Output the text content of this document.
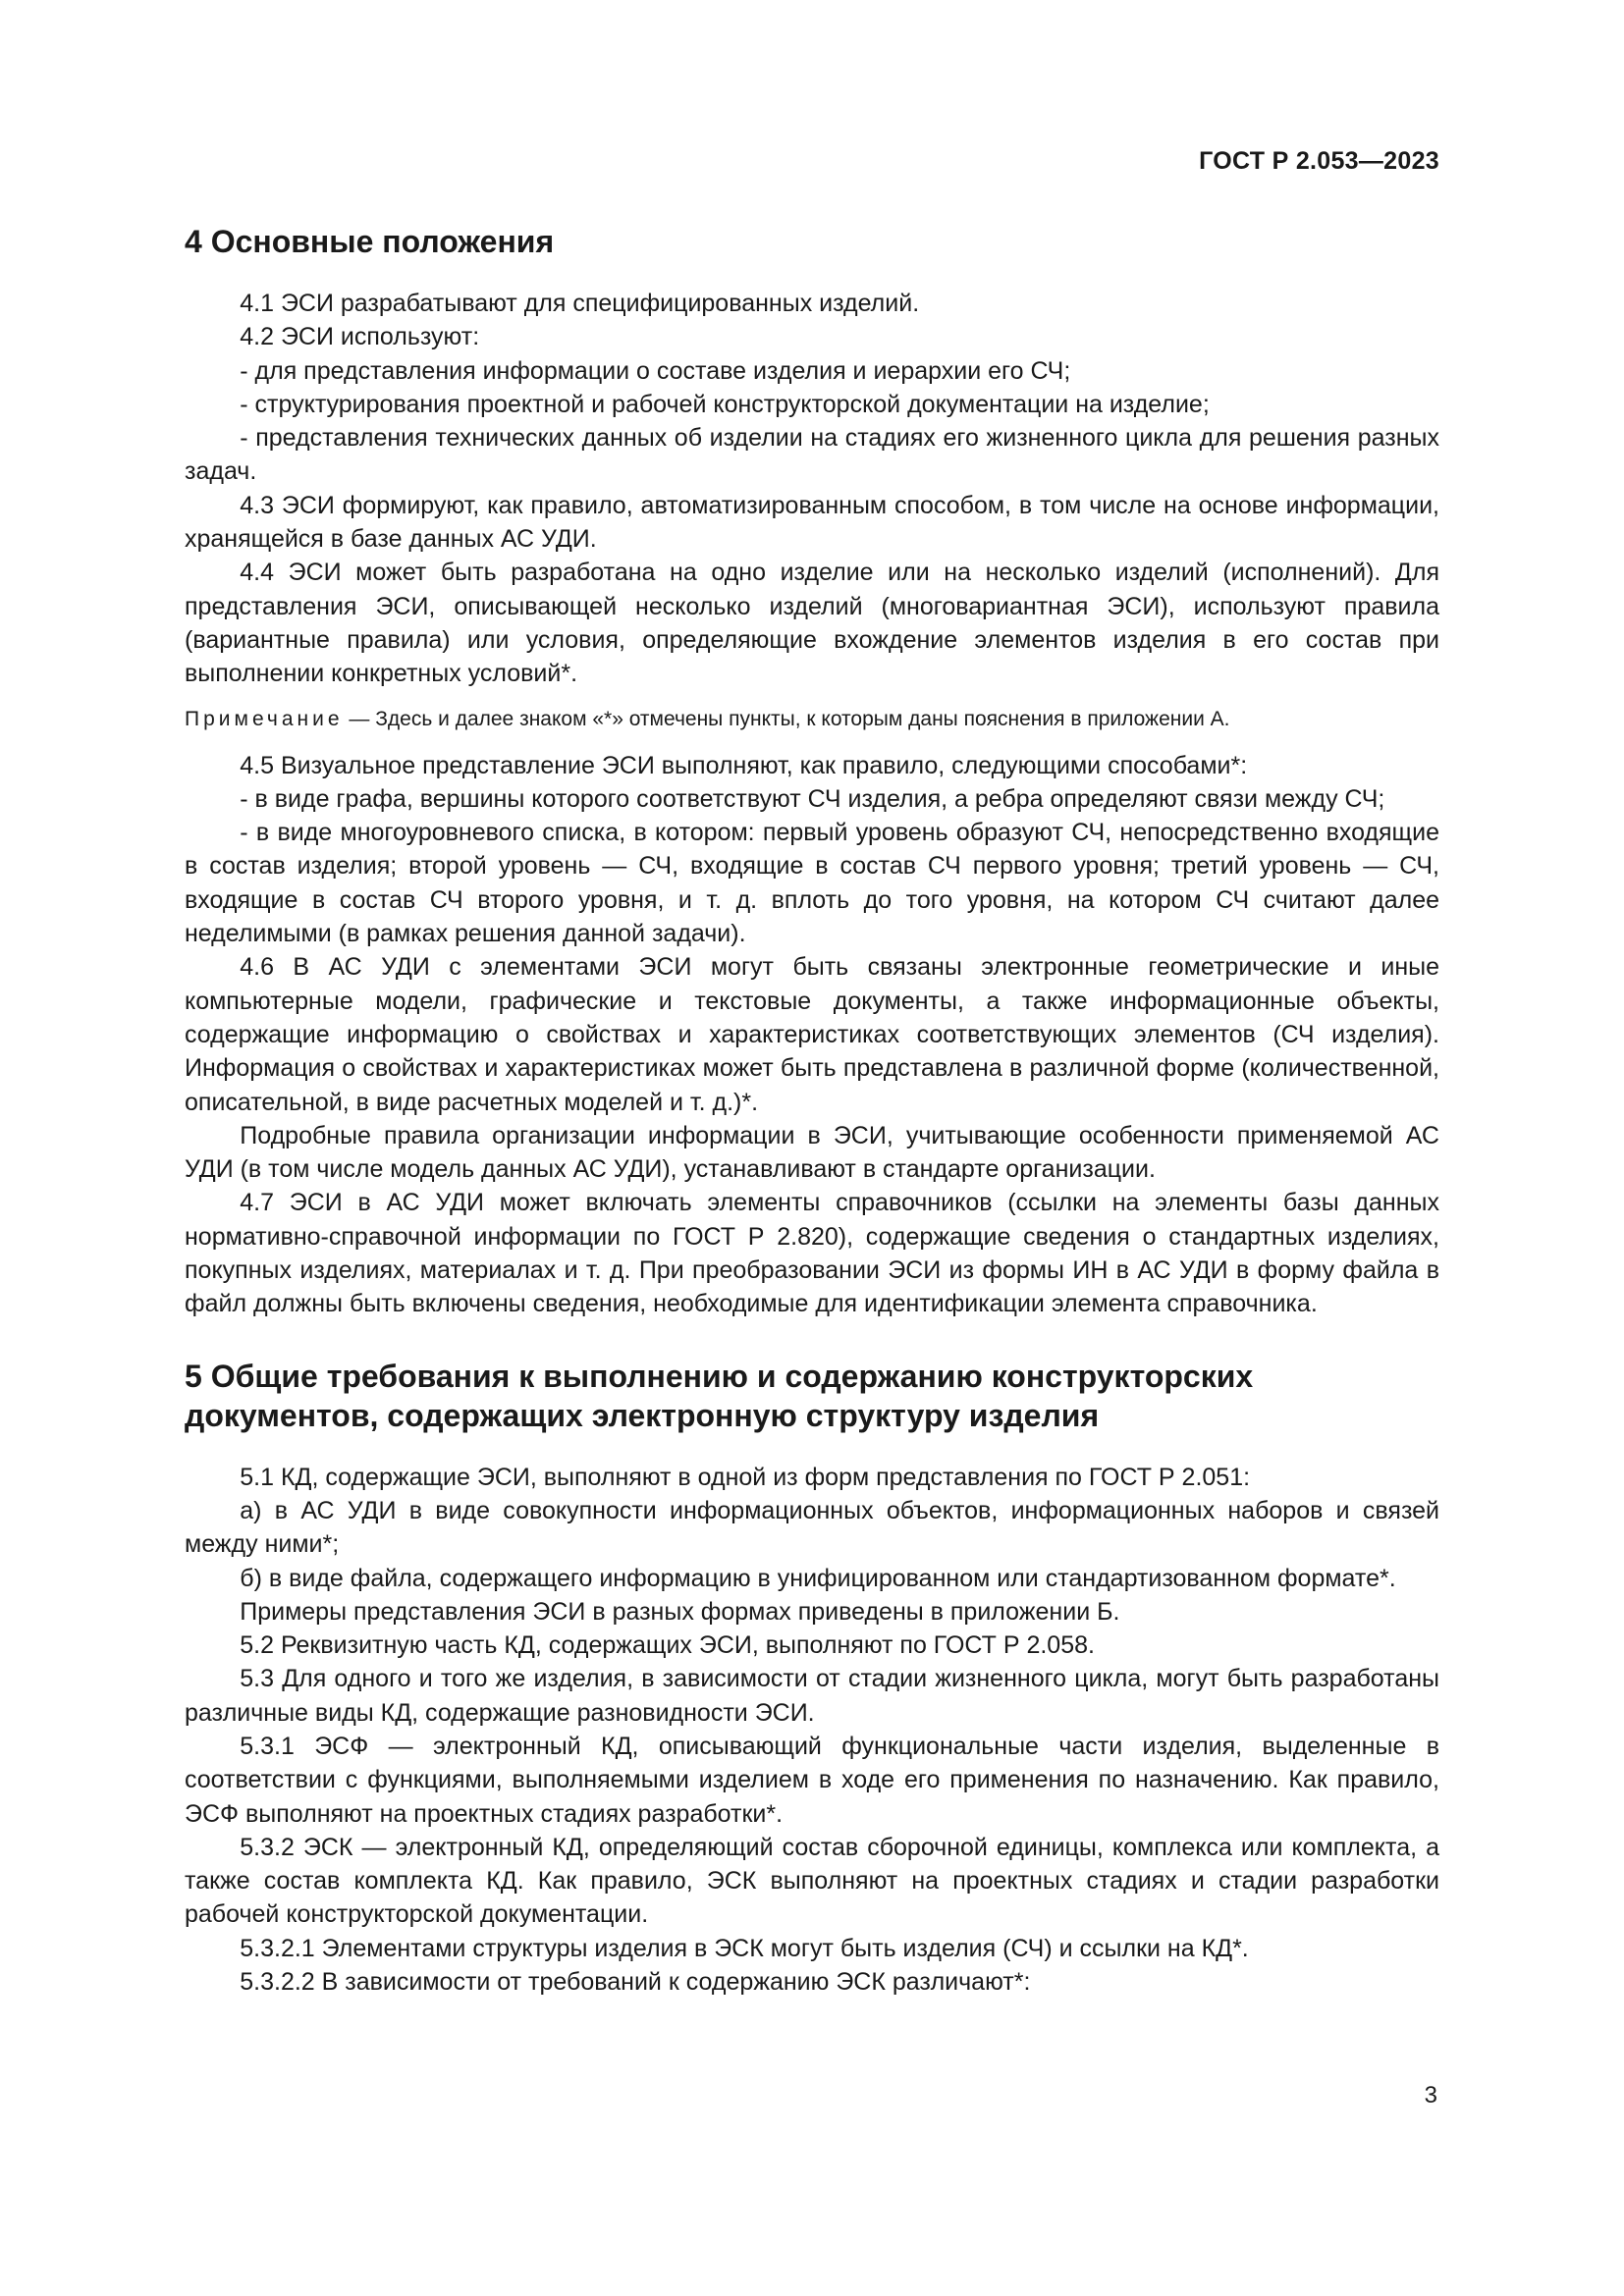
ГОСТ Р 2.053—2023
4 Основные положения

4.1 ЭСИ разрабатывают для специфицированных изделий.

4.2 ЭСИ используют:

- для представления информации о составе изделия и иерархии его СЧ;

- структурирования проектной и рабочей конструкторской документации на изделие;

- представления технических данных об изделии на стадиях его жизненного цикла для решения разных задач.

4.3 ЭСИ формируют, как правило, автоматизированным способом, в том числе на основе информации, хранящейся в базе данных АС УДИ.

4.4 ЭСИ может быть разработана на одно изделие или на несколько изделий (исполнений). Для представления ЭСИ, описывающей несколько изделий (многовариантная ЭСИ), используют правила (вариантные правила) или условия, определяющие вхождение элементов изделия в его состав при выполнении конкретных условий*.

Примечание — Здесь и далее знаком «*» отмечены пункты, к которым даны пояснения в приложении А.

4.5 Визуальное представление ЭСИ выполняют, как правило, следующими способами*:

- в виде графа, вершины которого соответствуют СЧ изделия, а ребра определяют связи между СЧ;

- в виде многоуровневого списка, в котором: первый уровень образуют СЧ, непосредственно входящие в состав изделия; второй уровень — СЧ, входящие в состав СЧ первого уровня; третий уровень — СЧ, входящие в состав СЧ второго уровня, и т. д. вплоть до того уровня, на котором СЧ считают далее неделимыми (в рамках решения данной задачи).

4.6 В АС УДИ с элементами ЭСИ могут быть связаны электронные геометрические и иные компьютерные модели, графические и текстовые документы, а также информационные объекты, содержащие информацию о свойствах и характеристиках соответствующих элементов (СЧ изделия). Информация о свойствах и характеристиках может быть представлена в различной форме (количественной, описательной, в виде расчетных моделей и т. д.)*.

Подробные правила организации информации в ЭСИ, учитывающие особенности применяемой АС УДИ (в том числе модель данных АС УДИ), устанавливают в стандарте организации.

4.7 ЭСИ в АС УДИ может включать элементы справочников (ссылки на элементы базы данных нормативно-справочной информации по ГОСТ Р 2.820), содержащие сведения о стандартных изделиях, покупных изделиях, материалах и т. д. При преобразовании ЭСИ из формы ИН в АС УДИ в форму файла в файл должны быть включены сведения, необходимые для идентификации элемента справочника.

5 Общие требования к выполнению и содержанию конструкторских документов, содержащих электронную структуру изделия

5.1 КД, содержащие ЭСИ, выполняют в одной из форм представления по ГОСТ Р 2.051:

а) в АС УДИ в виде совокупности информационных объектов, информационных наборов и связей между ними*;

б) в виде файла, содержащего информацию в унифицированном или стандартизованном формате*.

Примеры представления ЭСИ в разных формах приведены в приложении Б.

5.2 Реквизитную часть КД, содержащих ЭСИ, выполняют по ГОСТ Р 2.058.

5.3 Для одного и того же изделия, в зависимости от стадии жизненного цикла, могут быть разработаны различные виды КД, содержащие разновидности ЭСИ.

5.3.1 ЭСФ — электронный КД, описывающий функциональные части изделия, выделенные в соответствии с функциями, выполняемыми изделием в ходе его применения по назначению. Как правило, ЭСФ выполняют на проектных стадиях разработки*.

5.3.2 ЭСК — электронный КД, определяющий состав сборочной единицы, комплекса или комплекта, а также состав комплекта КД. Как правило, ЭСК выполняют на проектных стадиях и стадии разработки рабочей конструкторской документации.

5.3.2.1 Элементами структуры изделия в ЭСК могут быть изделия (СЧ) и ссылки на КД*.

5.3.2.2 В зависимости от требований к содержанию ЭСК различают*:

3
